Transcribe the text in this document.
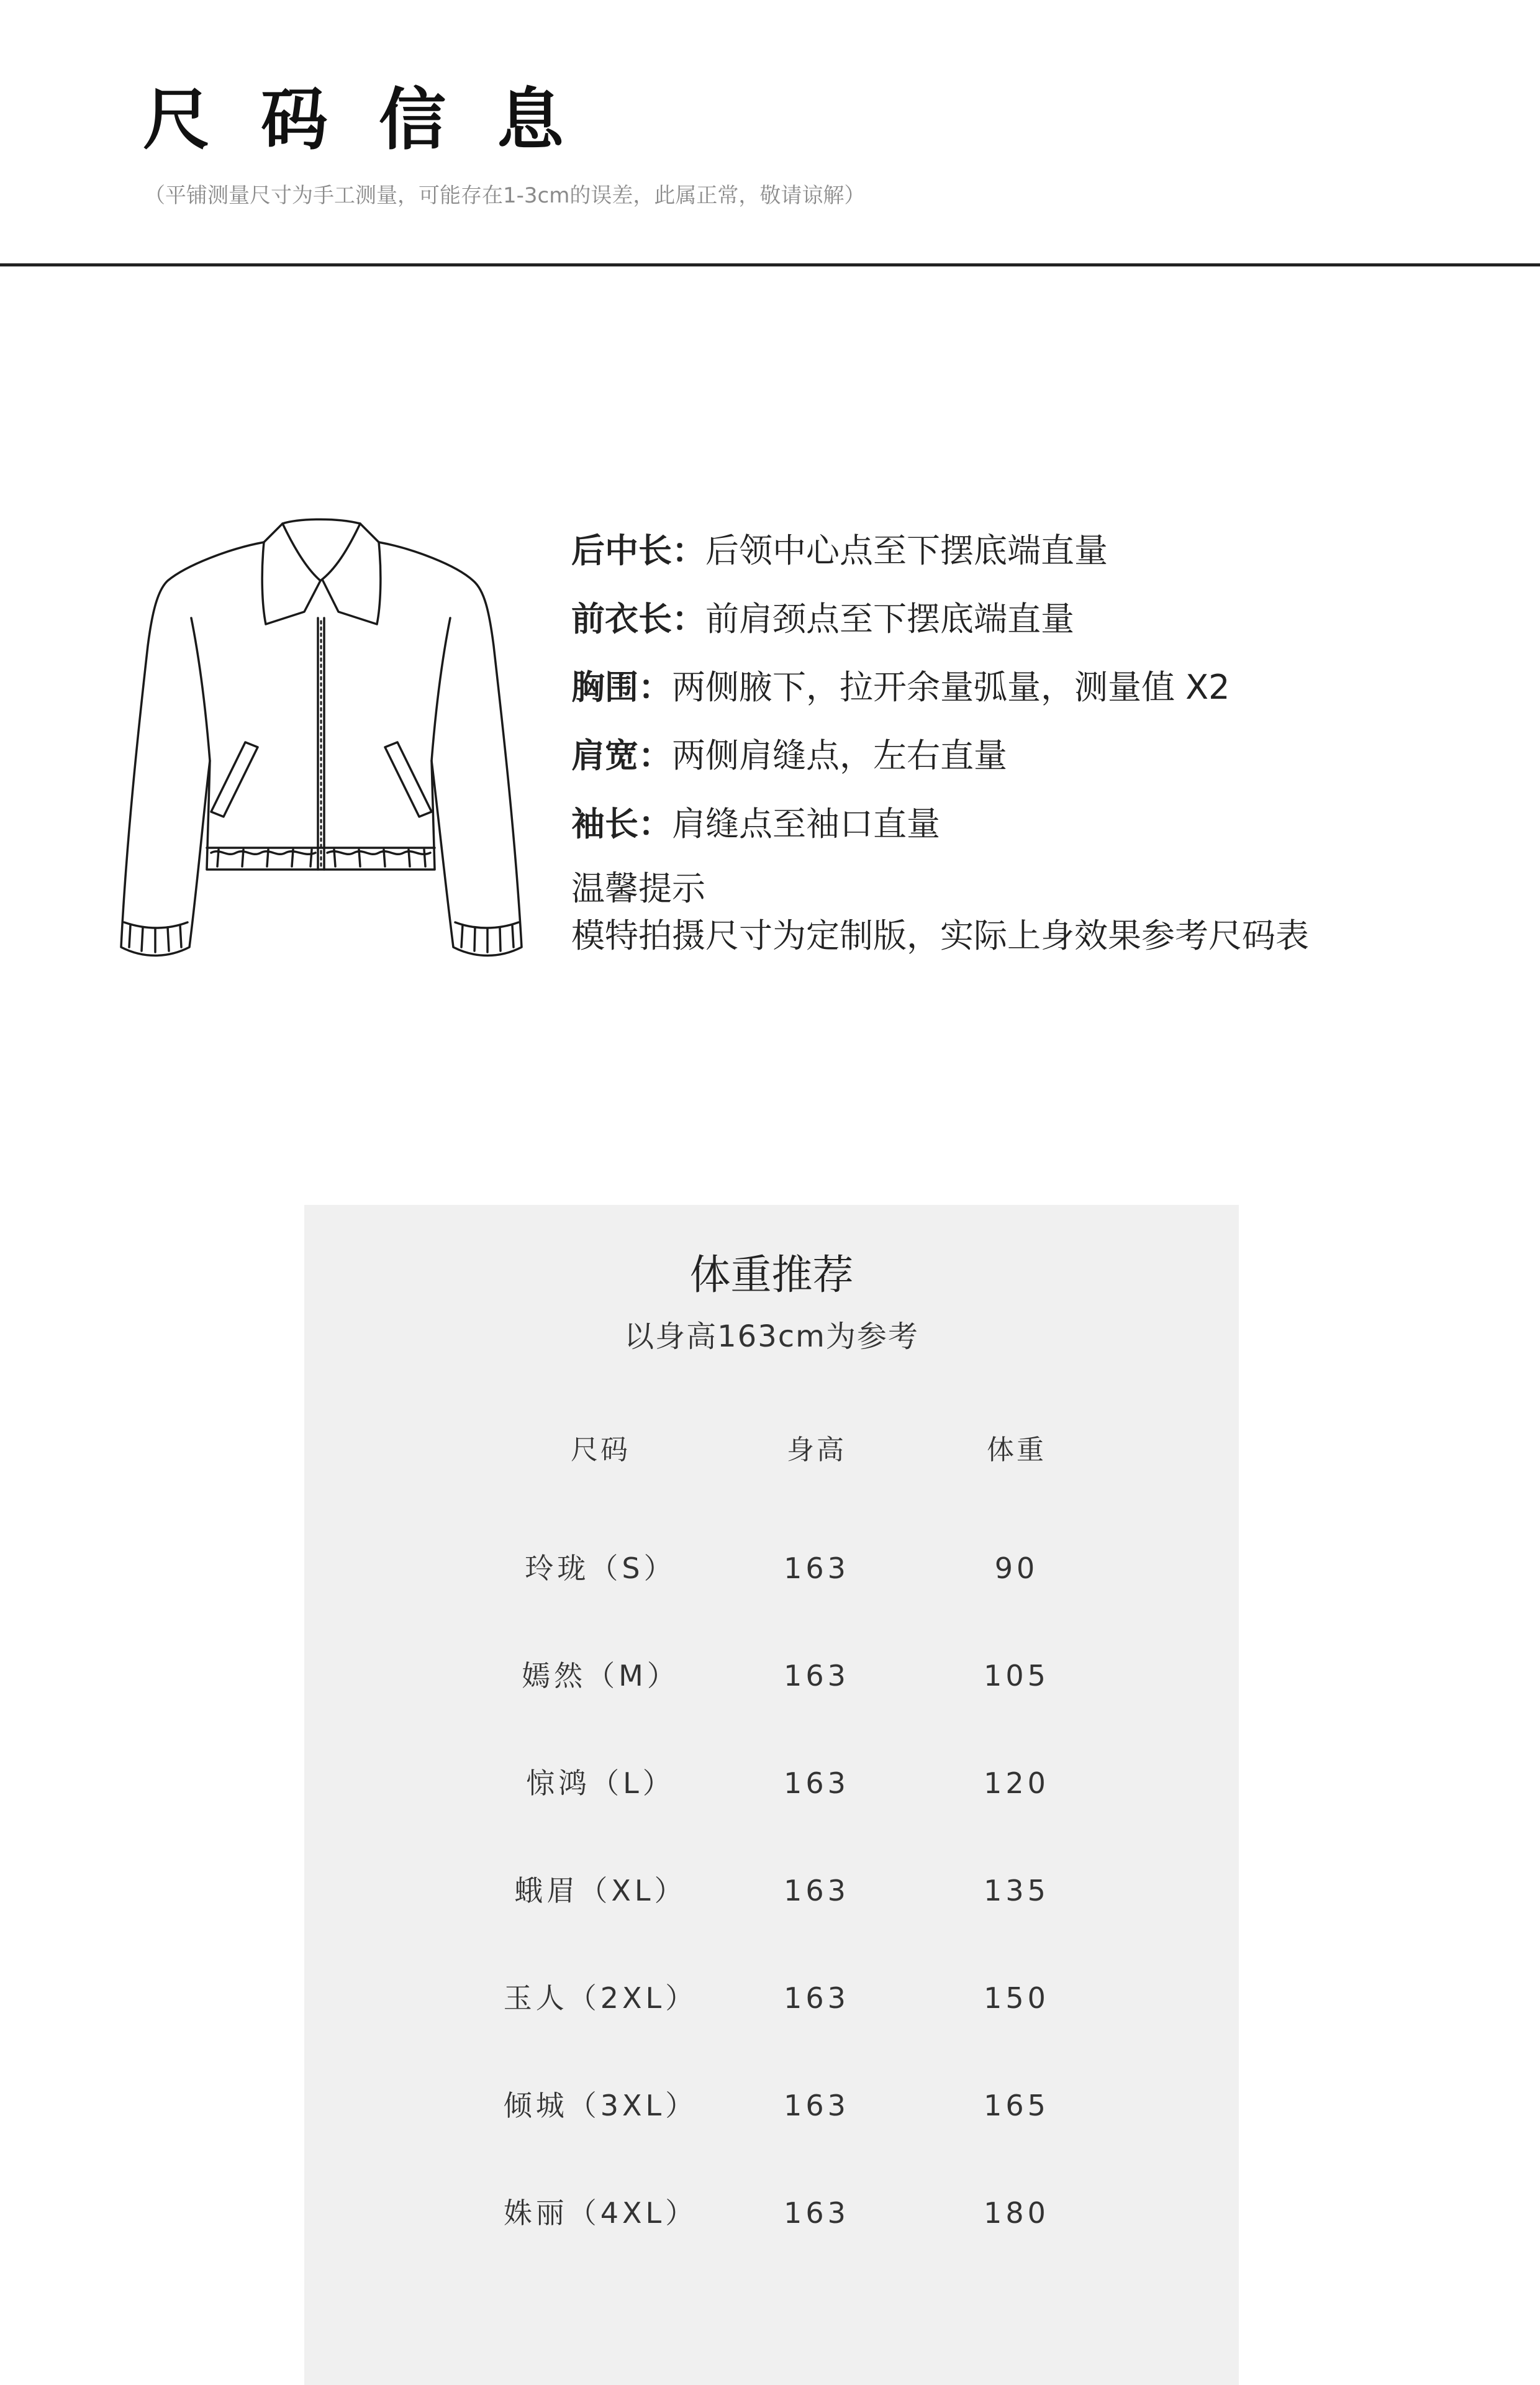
尺码信息
（平铺测量尺寸为手工测量，可能存在1-3cm的误差，此属正常，敬请谅解）
后中长：后领中心点至下摆底端直量
前衣长：前肩颈点至下摆底端直量
胸围：两侧腋下，拉开余量弧量，测量值 X2
肩宽：两侧肩缝点，左右直量
袖长：肩缝点至袖口直量
温馨提示
模特拍摄尺寸为定制版，实际上身效果参考尺码表
体重推荐
以身高163cm为参考
尺码	身高	体重
玲珑（S）	163	90
嫣然（M）	163	105
惊鸿（L）	163	120
蛾眉（XL）	163	135
玉人（2XL）	163	150
倾城（3XL）	163	165
姝丽（4XL）	163	180
